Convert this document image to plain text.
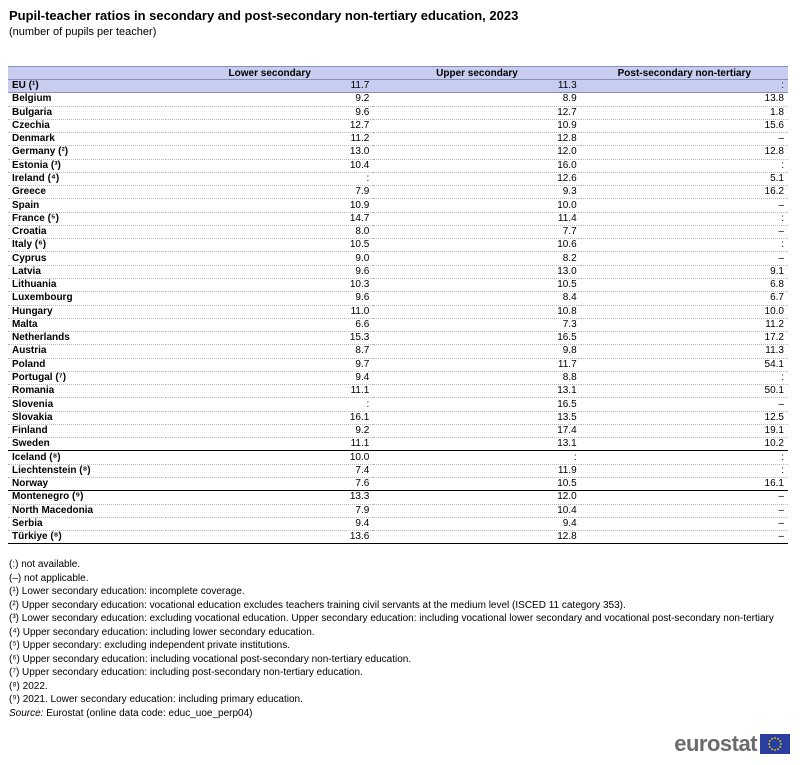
Pupil-teacher ratios in secondary and post-secondary non-tertiary education, 2023
(number of pupils per teacher)
	Lower secondary	Upper secondary	Post-secondary non-tertiary
EU (¹)	11.7	11.3	:
Belgium	9.2	8.9	13.8
Bulgaria	9.6	12.7	1.8
Czechia	12.7	10.9	15.6
Denmark	11.2	12.8	–
Germany (²)	13.0	12.0	12.8
Estonia (³)	10.4	16.0	:
Ireland (⁴)	:	12.6	5.1
Greece	7.9	9.3	16.2
Spain	10.9	10.0	–
France (⁵)	14.7	11.4	:
Croatia	8.0	7.7	–
Italy (⁶)	10.5	10.6	:
Cyprus	9.0	8.2	–
Latvia	9.6	13.0	9.1
Lithuania	10.3	10.5	6.8
Luxembourg	9.6	8.4	6.7
Hungary	11.0	10.8	10.0
Malta	6.6	7.3	11.2
Netherlands	15.3	16.5	17.2
Austria	8.7	9.8	11.3
Poland	9.7	11.7	54.1
Portugal (⁷)	9.4	8.8	:
Romania	11.1	13.1	50.1
Slovenia	:	16.5	–
Slovakia	16.1	13.5	12.5
Finland	9.2	17.4	19.1
Sweden	11.1	13.1	10.2
Iceland (⁸)	10.0	:	:
Liechtenstein (⁸)	7.4	11.9	:
Norway	7.6	10.5	16.1
Montenegro (⁹)	13.3	12.0	–
North Macedonia	7.9	10.4	–
Serbia	9.4	9.4	–
Türkiye (⁸)	13.6	12.8	–
(:) not available.
(–) not applicable.
(¹) Lower secondary education: incomplete coverage.
(²) Upper secondary education: vocational education excludes teachers training civil servants at the medium level (ISCED 11 category 353).
(³) Lower secondary education: excluding vocational education. Upper secondary education: including vocational lower secondary and vocational post-secondary non-tertiary
(⁴) Upper secondary education: including lower secondary education.
(⁵) Upper secondary: excluding independent private institutions.
(⁶) Upper secondary education: including vocational post-secondary non-tertiary education.
(⁷) Upper secondary education: including post-secondary non-tertiary education.
(⁸) 2022.
(⁹) 2021. Lower secondary education: including primary education.
Source: Eurostat (online data code: educ_uoe_perp04)
eurostat
